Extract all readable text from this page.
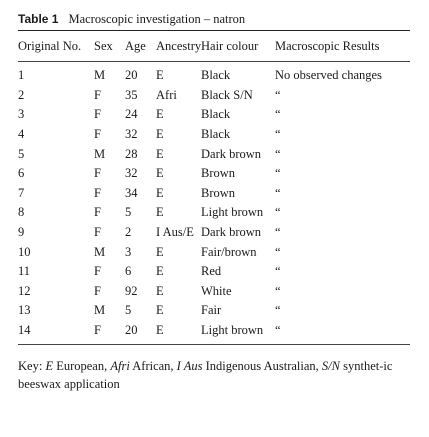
Table 1 Macroscopic investigation – natron
Original No.	Sex	Age	Ancestry	Hair colour	Macroscopic Results

1	M	20	E	Black	No observed changes
2	F	35	Afri	Black S/N	“
3	F	24	E	Black	“
4	F	32	E	Black	“
5	M	28	E	Dark brown	“
6	F	32	E	Brown	“
7	F	34	E	Brown	“
8	F	5	E	Light brown	“
9	F	2	I Aus/E	Dark brown	“
10	M	3	E	Fair/brown	“
11	F	6	E	Red	“
12	F	92	E	White	“
13	M	5	E	Fair	“
14	F	20	E	Light brown	“
Key: E European, Afri African, I Aus Indigenous Australian, S/N synthet-ic beeswax application
